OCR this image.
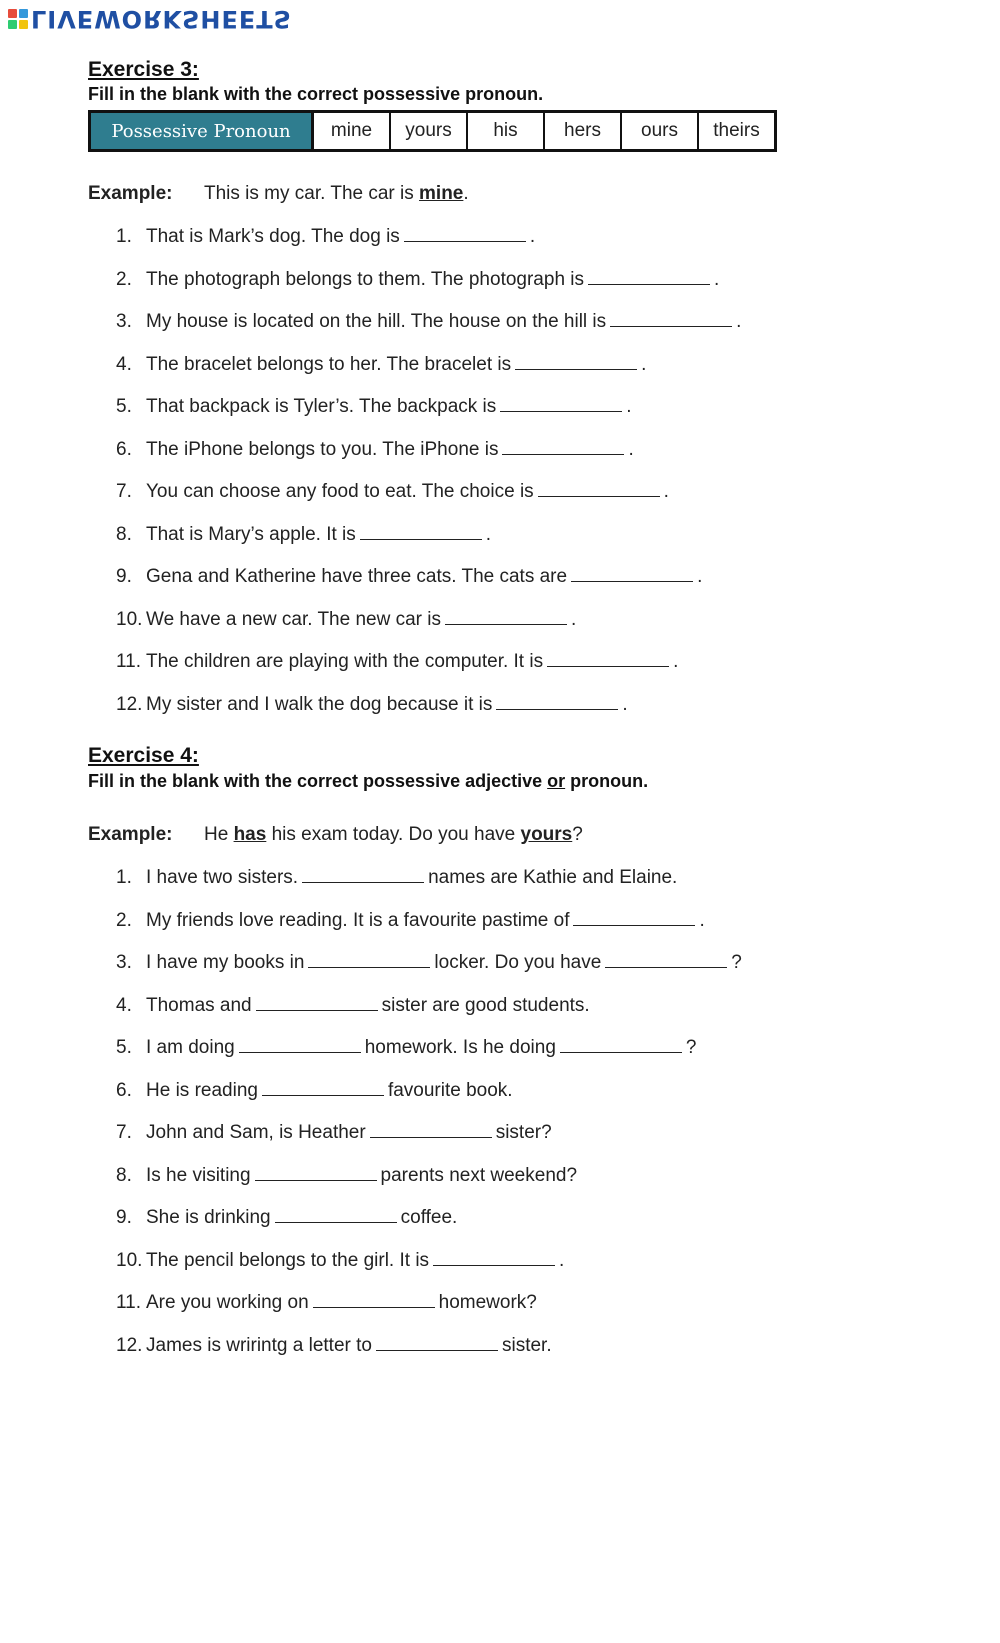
LIVEWORKSHEETS
Exercise 3:
Fill in the blank with the correct possessive pronoun.
Possessive Pronoun	mine	yours	his	hers	ours	theirs
Example: This is my car. The car is mine.
1. That is Mark’s dog. The dog is	.
2. The photograph belongs to them. The photograph is	.
3. My house is located on the hill. The house on the hill is	.
4. The bracelet belongs to her. The bracelet is	.
5. That backpack is Tyler’s. The backpack is	.
6. The iPhone belongs to you. The iPhone is	.
7. You can choose any food to eat. The choice is	.
8. That is Mary’s apple. It is	.
9. Gena and Katherine have three cats. The cats are	.
10. We have a new car. The new car is	.
11. The children are playing with the computer. It is	.
12. My sister and I walk the dog because it is	.
Exercise 4:
Fill in the blank with the correct possessive adjective or pronoun.
Example: He has his exam today. Do you have yours?
1. I have two sisters.	names are Kathie and Elaine.
2. My friends love reading. It is a favourite pastime of	.
3. I have my books in	locker. Do you have	?
4. Thomas and	sister are good students.
5. I am doing	homework. Is he doing	?
6. He is reading	favourite book.
7. John and Sam, is Heather	sister?
8. Is he visiting	parents next weekend?
9. She is drinking	coffee.
10. The pencil belongs to the girl. It is	.
11. Are you working on	homework?
12. James is wririntg a letter to	sister.
